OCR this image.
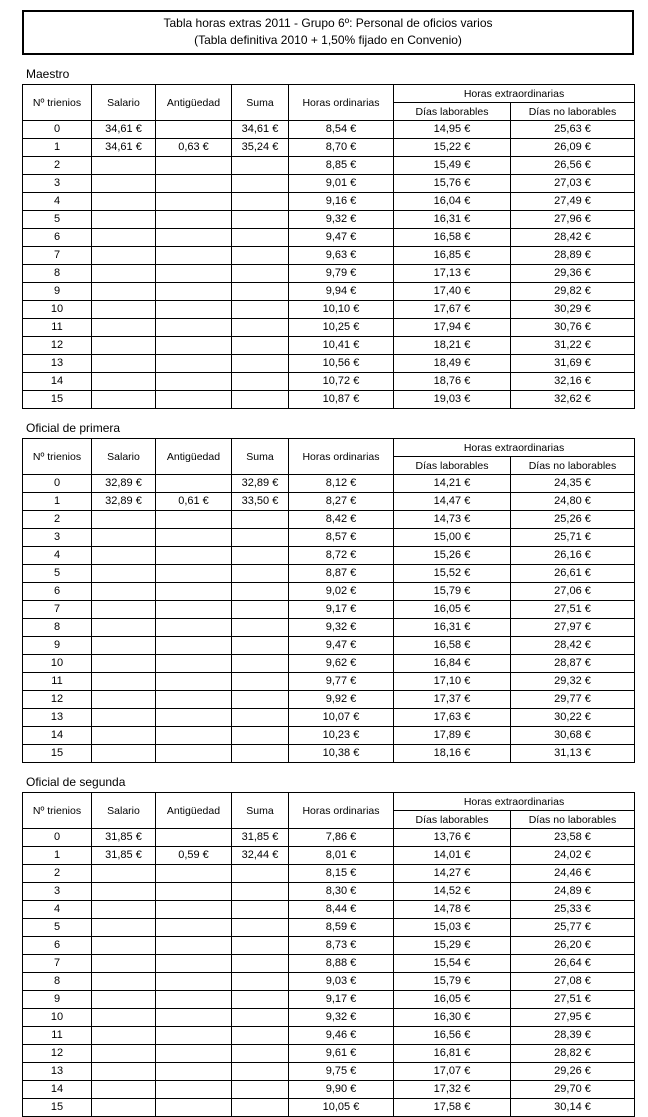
Tabla horas extras 2011 - Grupo 6º: Personal de oficios varios
(Tabla definitiva 2010 + 1,50% fijado en Convenio)
Maestro
Nº trienios	Salario	Antigüedad	Suma	Horas ordinarias	Horas extraordinarias	
					Días laborables	Días no laborables
0	34,61 €		34,61 €	8,54 €	14,95 €	25,63 €
1	34,61 €	0,63 €	35,24 €	8,70 €	15,22 €	26,09 €
2				8,85 €	15,49 €	26,56 €
3				9,01 €	15,76 €	27,03 €
4				9,16 €	16,04 €	27,49 €
5				9,32 €	16,31 €	27,96 €
6				9,47 €	16,58 €	28,42 €
7				9,63 €	16,85 €	28,89 €
8				9,79 €	17,13 €	29,36 €
9				9,94 €	17,40 €	29,82 €
10				10,10 €	17,67 €	30,29 €
11				10,25 €	17,94 €	30,76 €
12				10,41 €	18,21 €	31,22 €
13				10,56 €	18,49 €	31,69 €
14				10,72 €	18,76 €	32,16 €
15				10,87 €	19,03 €	32,62 €
Oficial de primera
Nº trienios	Salario	Antigüedad	Suma	Horas ordinarias	Horas extraordinarias	
					Días laborables	Días no laborables
0	32,89 €		32,89 €	8,12 €	14,21 €	24,35 €
1	32,89 €	0,61 €	33,50 €	8,27 €	14,47 €	24,80 €
2				8,42 €	14,73 €	25,26 €
3				8,57 €	15,00 €	25,71 €
4				8,72 €	15,26 €	26,16 €
5				8,87 €	15,52 €	26,61 €
6				9,02 €	15,79 €	27,06 €
7				9,17 €	16,05 €	27,51 €
8				9,32 €	16,31 €	27,97 €
9				9,47 €	16,58 €	28,42 €
10				9,62 €	16,84 €	28,87 €
11				9,77 €	17,10 €	29,32 €
12				9,92 €	17,37 €	29,77 €
13				10,07 €	17,63 €	30,22 €
14				10,23 €	17,89 €	30,68 €
15				10,38 €	18,16 €	31,13 €
Oficial de segunda
Nº trienios	Salario	Antigüedad	Suma	Horas ordinarias	Horas extraordinarias	
					Días laborables	Días no laborables
0	31,85 €		31,85 €	7,86 €	13,76 €	23,58 €
1	31,85 €	0,59 €	32,44 €	8,01 €	14,01 €	24,02 €
2				8,15 €	14,27 €	24,46 €
3				8,30 €	14,52 €	24,89 €
4				8,44 €	14,78 €	25,33 €
5				8,59 €	15,03 €	25,77 €
6				8,73 €	15,29 €	26,20 €
7				8,88 €	15,54 €	26,64 €
8				9,03 €	15,79 €	27,08 €
9				9,17 €	16,05 €	27,51 €
10				9,32 €	16,30 €	27,95 €
11				9,46 €	16,56 €	28,39 €
12				9,61 €	16,81 €	28,82 €
13				9,75 €	17,07 €	29,26 €
14				9,90 €	17,32 €	29,70 €
15				10,05 €	17,58 €	30,14 €
